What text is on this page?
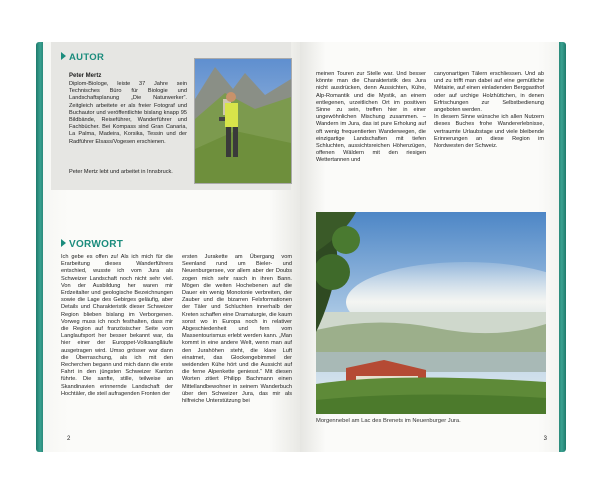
AUTOR
Peter Mertz
Diplom-Biologe, leiste 37 Jahre sein Technisches Büro für Biologie und Landschaftsplanung „Die Naturwerker“. Zeitgleich arbeitete er als freier Fotograf und Buchautor und veröffentlichte bislang knapp 95 Bildbände, Reiseführer, Wanderführer und Fachbücher. Bei Kompass sind Gran Canaria, La Palma, Madeira, Korsika, Tessin und der Radführer Elsass/Vogesen erschienen.
Peter Mertz lebt und arbeitet in Innsbruck.
VORWORT
Ich gebe es offen zu! Als ich mich für die Erarbeitung dieses Wanderführers entschied, wusste ich vom Jura als Schweizer Landschaft noch nicht sehr viel. Von der Ausbildung her waren mir Erdzeitalter und geologische Bezeichnungen sowie die Lage des Gebirges geläufig, aber Details und Charakteristik dieser Schweizer Region blieben bislang im Verborgenen. Vorweg muss ich noch festhalten, dass mir die Region auf französischer Seite vom Langlaufsport her besser bekannt war, da hier einer der Europpet-Volksanglläufe ausgetragen wird. Umso grösser war dann die Überraschung, als ich mit den Recherchen begann und mich dann die erste Fahrt in den jüngsten Schweizer Kanton führte. Die sanfte, stille, teilweise an Skandinavien erinnernde Landschaft der Hochtäler, die steil aufragenden Fronten der
ersten Jurakette am Übergang vom Seenland rund um Bieler- und Neuenburgersee, vor allem aber der Doubs zogen mich sehr rasch in ihren Bann. Mögen die weiten Hochebenen auf die Dauer ein wenig Monotonie verbreiten, der Zauber und die bizarren Felsformationen der Täler und Schluchten innerhalb der Kreten schaffen eine Dramaturgie, die kaum sonst wo in Europa noch in relativer Abgeschiedenheit und fern vom Massentourismus erlebt werden kann. „Man kommt in eine andere Welt, wenn man auf den Jurahöhen steht, die klare Luft einatmet, das Glockengebimmel der weidenden Kühe hört und die Aussicht auf die ferne Alpenkette geniesst.“ Mit diesen Worten zitiert Philipp Bachmann einen Mittellandbewohner in seinem Wanderbuch über den Schweizer Jura, das mir als hilfreiche Unterstützung bei
2
meinen Touren zur Stelle war. Und besser könnte man die Charakteristik des Jura nicht ausdrücken, denn Aussichten, Kühe, Alp-Romantik und die Mystik, an einem entlegenen, urzeitlichen Ort im positiven Sinne zu sein, treffen hier in einer ungewöhnlichen Mischung zusammen. – Wandern im Jura, das ist pure Erholung auf oft wenig frequentierten Wanderwegen, die einzigartige Landschaften mit tiefen Schluchten, aussichtsreichen Höhenzügen, offenen Wäldern mit den riesigen Wettertannen und
canyonartigen Tälern erschliessen. Und ab und zu trifft man dabei auf eine gemütliche Métairie, auf einen einladenden Berggasthof oder auf urchige Holzhüttchen, in denen Erfrischungen zur Selbstbedienung angeboten werden.
In diesem Sinne wünsche ich allen Nutzern dieses Buches frohe Wandererlebnisse, vertraumte Urlaubstage und viele bleibende Erinnerungen an diese Region im Nordwesten der Schweiz.
Morgennebel am Lac des Brenets im Neuenburger Jura.
3
